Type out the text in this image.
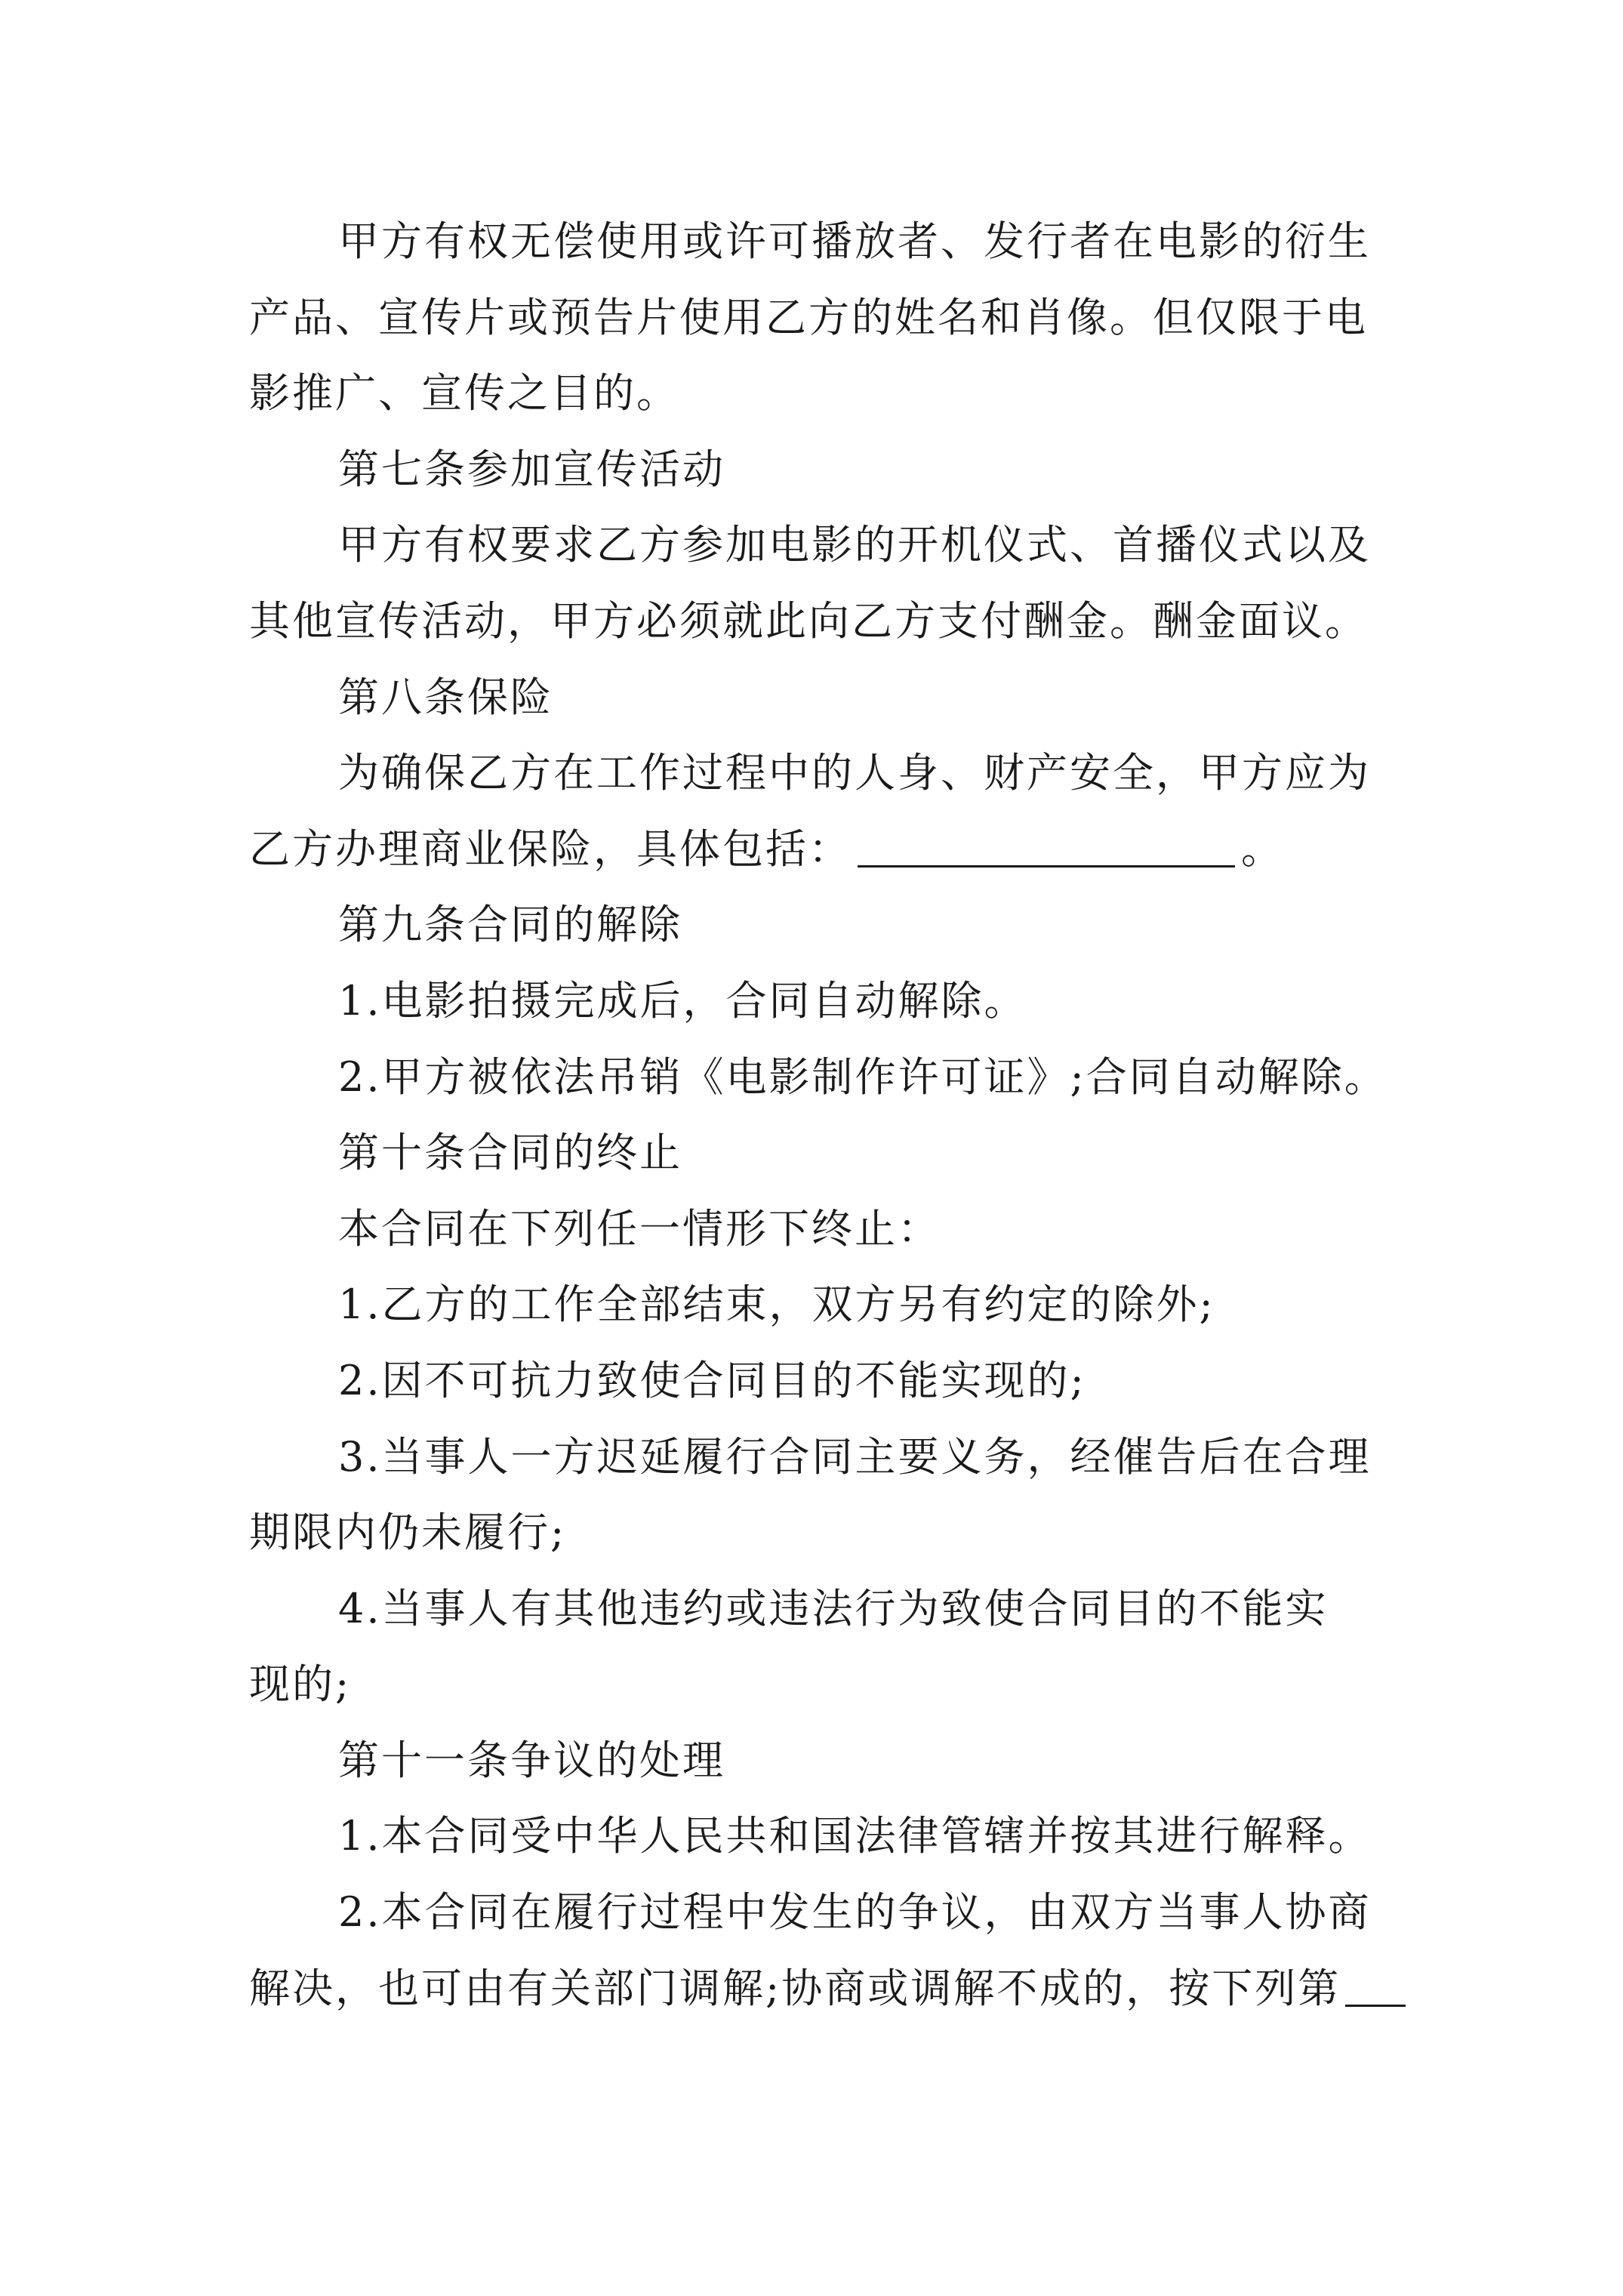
甲方有权无偿使用或许可播放者、发行者在电影的衍生
产品、宣传片或预告片使用乙方的姓名和肖像。但仅限于电
影推广、宣传之目的。
第七条参加宣传活动
甲方有权要求乙方参加电影的开机仪式、首播仪式以及
其他宣传活动，甲方必须就此向乙方支付酬金。酬金面议。
第八条保险
为确保乙方在工作过程中的人身、财产安全，甲方应为
乙方办理商业保险，具体包括：	。
第九条合同的解除
1.电影拍摄完成后，合同自动解除。
2.甲方被依法吊销《电影制作许可证》;合同自动解除。
第十条合同的终止
本合同在下列任一情形下终止：
1.乙方的工作全部结束，双方另有约定的除外;
2.因不可抗力致使合同目的不能实现的;
3.当事人一方迟延履行合同主要义务，经催告后在合理
期限内仍未履行;
4.当事人有其他违约或违法行为致使合同目的不能实
现的;
第十一条争议的处理
1.本合同受中华人民共和国法律管辖并按其进行解释。
2.本合同在履行过程中发生的争议，由双方当事人协商
解决，也可由有关部门调解;协商或调解不成的，按下列第
